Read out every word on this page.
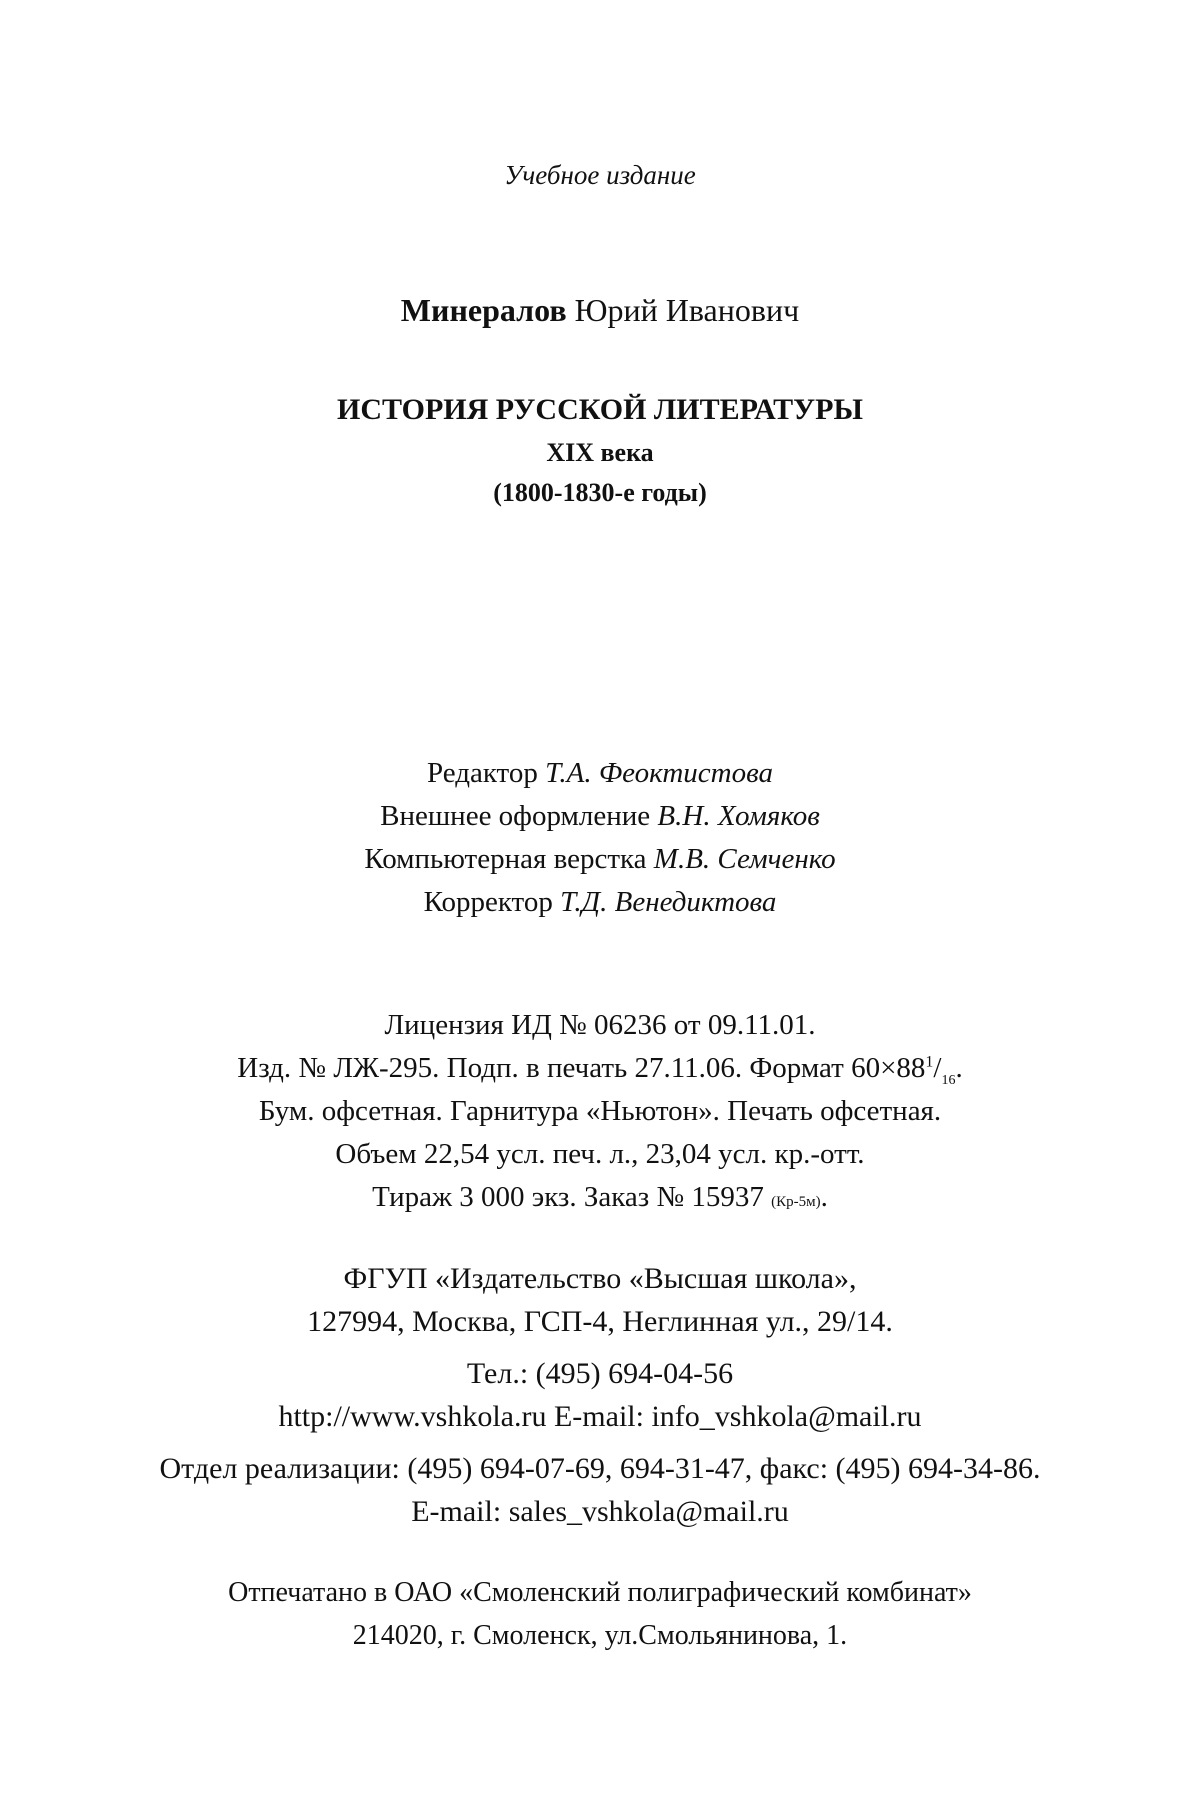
Учебное издание
Минералов Юрий Иванович
ИСТОРИЯ РУССКОЙ ЛИТЕРАТУРЫ
XIX века
(1800-1830-е годы)
Редактор Т.А. Феоктистова
Внешнее оформление В.Н. Хомяков
Компьютерная верстка М.В. Семченко
Корректор Т.Д. Венедиктова
Лицензия ИД № 06236 от 09.11.01.
Изд. № ЛЖ-295. Подп. в печать 27.11.06. Формат $60\times 88^1/_{16}$.
Бум. офсетная. Гарнитура «Ньютон». Печать офсетная.
Объем 22,54 усл. печ. л., 23,04 усл. кр.-отт.
Тираж 3 000 экз. Заказ № 15937 (Кр-5м).
ФГУП «Издательство «Высшая школа»,
127994, Москва, ГСП-4, Неглинная ул., 29/14.
Тел.: (495) 694-04-56
http://www.vshkola.ru E-mail: info_vshkola@mail.ru
Отдел реализации: (495) 694-07-69, 694-31-47, факс: (495) 694-34-86.
E-mail: sales_vshkola@mail.ru
Отпечатано в ОАО «Смоленский полиграфический комбинат»
214020, г. Смоленск, ул.Смольянинова, 1.
